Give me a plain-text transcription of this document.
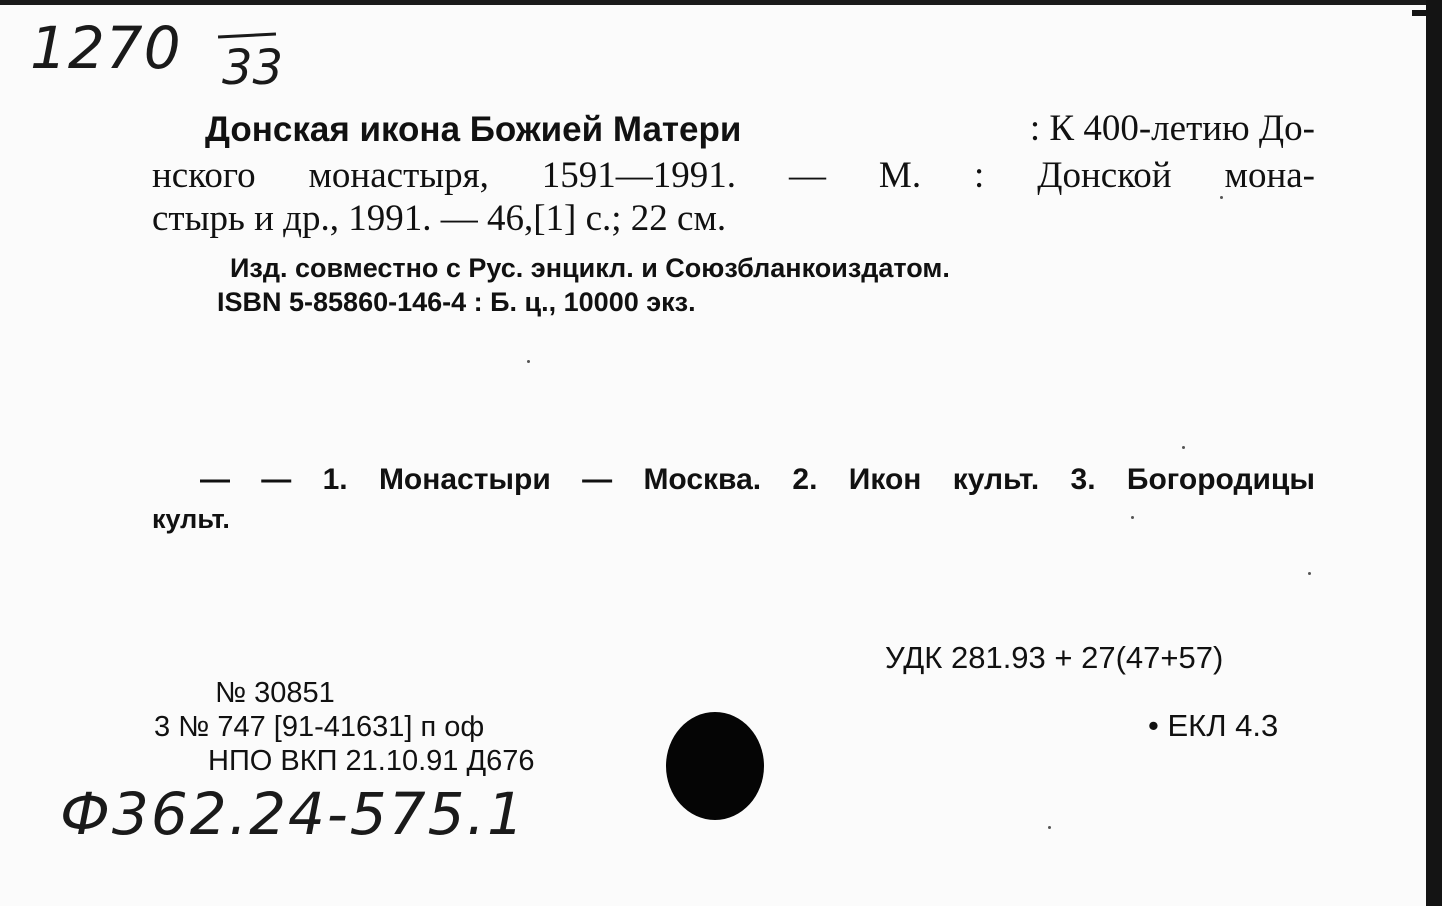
1270 33
Донская икона Божией Матери	: К 400-летию До-
нского монастыря, 1591—1991. — М. : Донской мона-
стырь и др., 1991. — 46,[1] с.; 22 см.
Изд. совместно с Рус. энцикл. и Союзбланкоиздатом.
ISBN 5-85860-146-4 : Б. ц., 10000 экз.
— — 1. Монастыри — Москва. 2. Икон культ. 3. Богородицы
культ.
УДК 281.93 + 27(47+57)
• ЕКЛ 4.3
№ 30851
3 № 747 [91-41631] п оф
НПО ВКП 21.10.91 Д676
Ф362.24-575.1
